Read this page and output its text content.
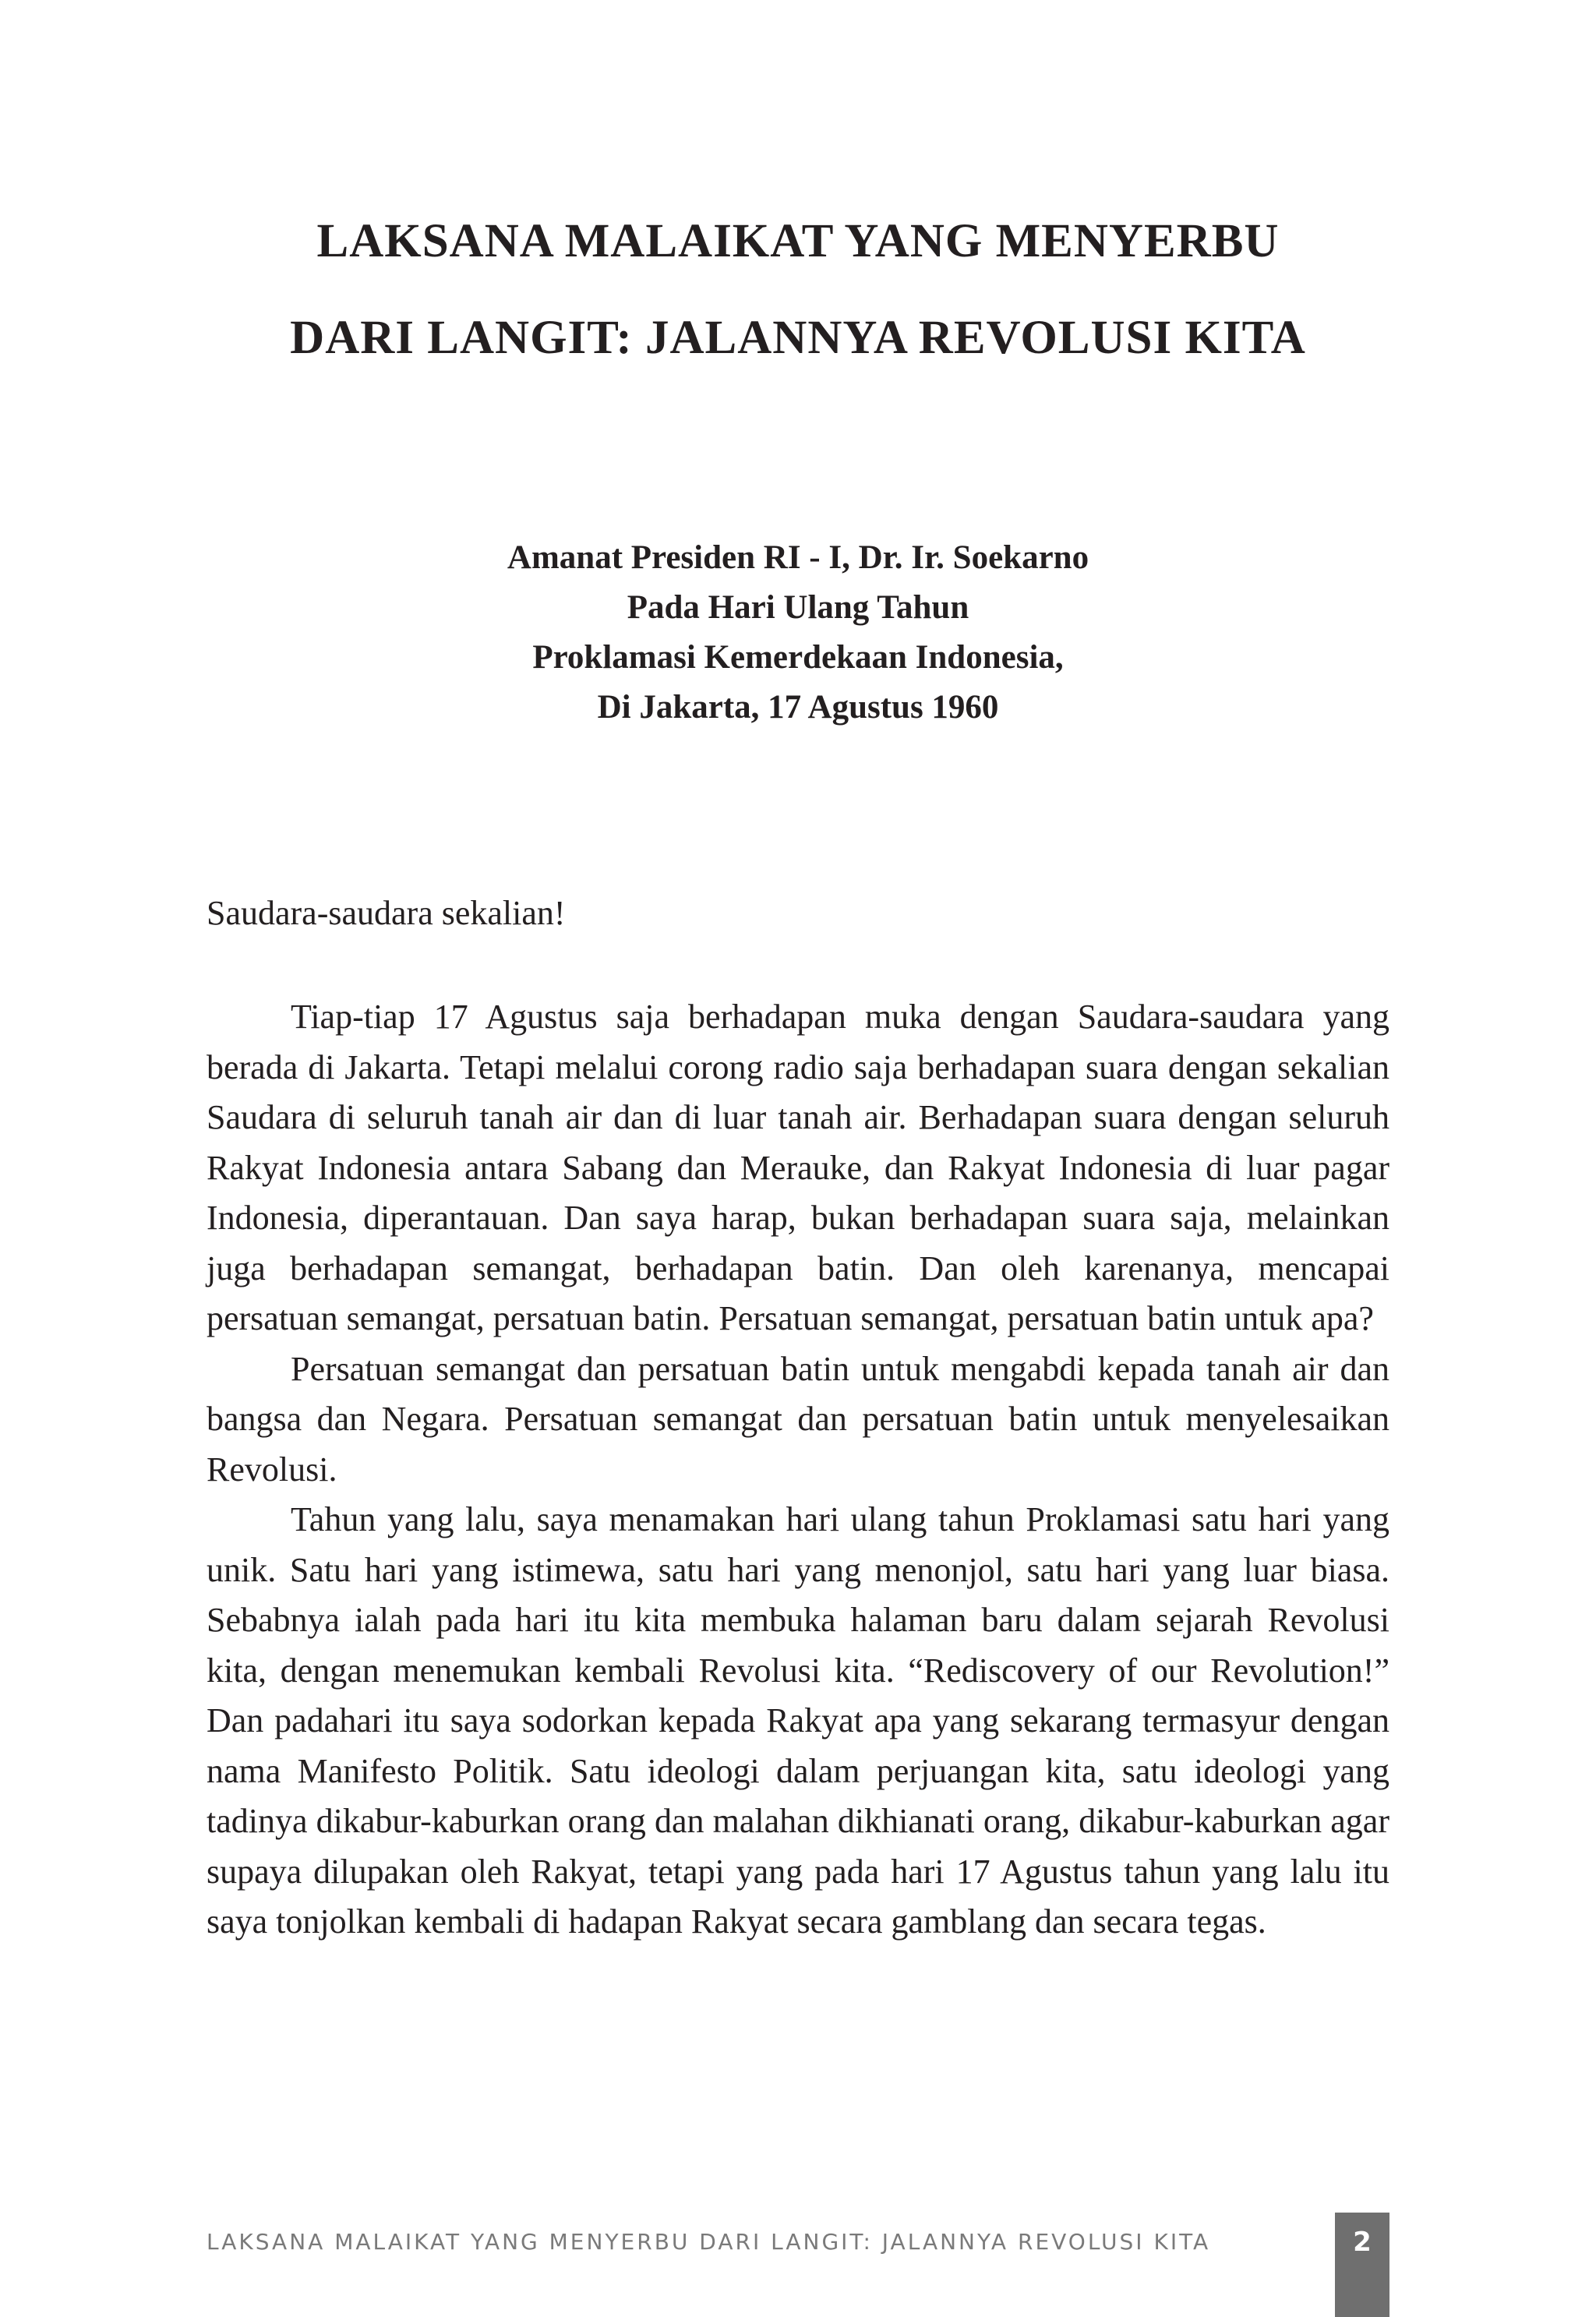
LAKSANA MALAIKAT YANG MENYERBU
DARI LANGIT: JALANNYA REVOLUSI KITA
Amanat Presiden RI - I, Dr. Ir. Soekarno
Pada Hari Ulang Tahun
Proklamasi Kemerdekaan Indonesia,
Di Jakarta, 17 Agustus 1960
Saudara-saudara sekalian!

Tiap-tiap 17 Agustus saja berhadapan muka dengan Saudara-saudara yang berada di Jakarta. Tetapi melalui corong radio saja berhadapan suara dengan sekalian Saudara di seluruh tanah air dan di luar tanah air. Berhadapan suara dengan seluruh Rakyat Indonesia antara Sabang dan Merauke, dan Rakyat Indonesia di luar pagar Indonesia, diperantauan. Dan saya harap, bukan berhadapan suara saja, melainkan juga berhadapan semangat, berhadapan batin. Dan oleh karenanya, mencapai persatuan semangat, persatuan batin. Persatuan semangat, persatuan batin untuk apa?

Persatuan semangat dan persatuan batin untuk mengabdi kepada tanah air dan bangsa dan Negara. Persatuan semangat dan persatuan batin untuk menyelesaikan Revolusi.

Tahun yang lalu, saya menamakan hari ulang tahun Proklamasi satu hari yang unik. Satu hari yang istimewa, satu hari yang menonjol, satu hari yang luar biasa. Sebabnya ialah pada hari itu kita membuka halaman baru dalam sejarah Revolusi kita, dengan menemukan kembali Revolusi kita. “Rediscovery of our Revolution!” Dan padahari itu saya sodorkan kepada Rakyat apa yang sekarang termasyur dengan nama Manifesto Politik. Satu ideologi dalam perjuangan kita, satu ideologi yang tadinya dikabur-kaburkan orang dan malahan dikhianati orang, dikabur-kaburkan agar supaya dilupakan oleh Rakyat, tetapi yang pada hari 17 Agustus tahun yang lalu itu saya tonjolkan kembali di hadapan Rakyat secara gamblang dan secara tegas.

LAKSANA MALAIKAT YANG MENYERBU DARI LANGIT: JALANNYA REVOLUSI KITA	2
